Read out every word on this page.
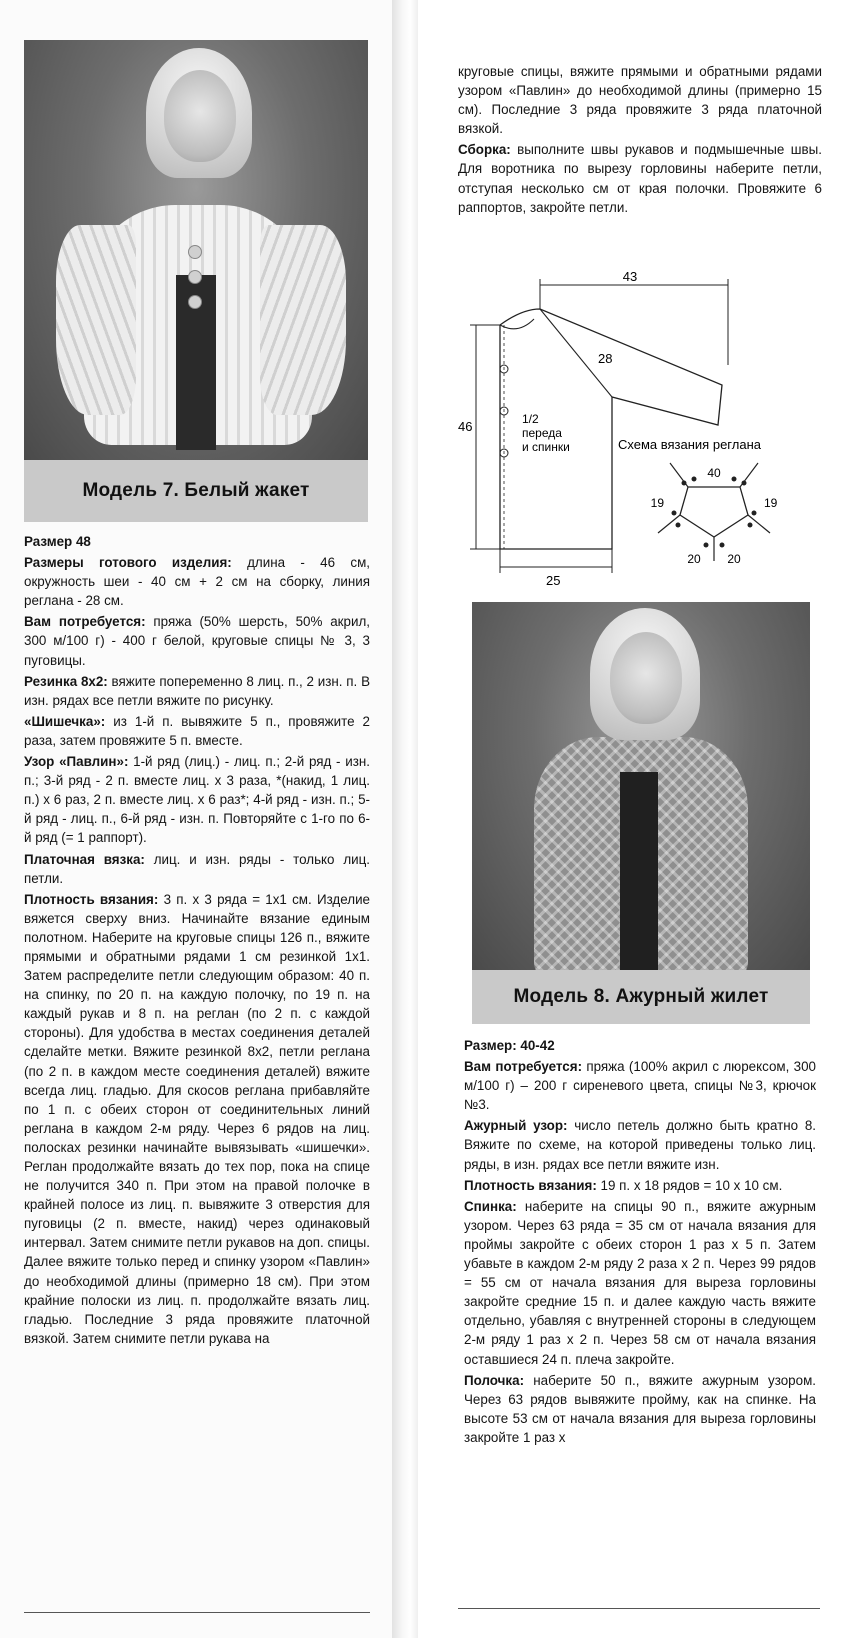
Модель 7. Белый жакет

Размер 48

Размеры готового изделия: длина - 46 см, окружность шеи - 40 см + 2 см на сборку, линия реглана - 28 см.

Вам потребуется: пряжа (50% шерсть, 50% акрил, 300 м/100 г) - 400 г белой, круговые спицы № 3, 3 пуговицы.

Резинка 8х2: вяжите попеременно 8 лиц. п., 2 изн. п. В изн. рядах все петли вяжите по рисунку.

«Шишечка»: из 1-й п. вывяжите 5 п., провяжите 2 раза, затем провяжите 5 п. вместе.

Узор «Павлин»: 1-й ряд (лиц.) - лиц. п.; 2-й ряд - изн. п.; 3-й ряд - 2 п. вместе лиц. х 3 раза, *(накид, 1 лиц. п.) х 6 раз, 2 п. вместе лиц. х 6 раз*; 4-й ряд - изн. п.; 5-й ряд - лиц. п., 6-й ряд - изн. п. Повторяйте с 1-го по 6-й ряд (= 1 раппорт).

Платочная вязка: лиц. и изн. ряды - только лиц. петли.

Плотность вязания: 3 п. х 3 ряда = 1х1 см. Изделие вяжется сверху вниз. Начинайте вязание единым полотном. Наберите на круговые спицы 126 п., вяжите прямыми и обратными рядами 1 см резинкой 1х1. Затем распределите петли следующим образом: 40 п. на спинку, по 20 п. на каждую полочку, по 19 п. на каждый рукав и 8 п. на реглан (по 2 п. с каждой стороны). Для удобства в местах соединения деталей сделайте метки. Вяжите резинкой 8х2, петли реглана (по 2 п. в каждом месте соединения деталей) вяжите всегда лиц. гладью. Для скосов реглана прибавляйте по 1 п. с обеих сторон от соединительных линий реглана в каждом 2-м ряду. Через 6 рядов на лиц. полосках резинки начинайте вывязывать «шишечки». Реглан продолжайте вязать до тех пор, пока на спице не получится 340 п. При этом на правой полочке в крайней полосе из лиц. п. вывяжите 3 отверстия для пуговицы (2 п. вместе, накид) через одинаковый интервал. Затем снимите петли рукавов на доп. спицы. Далее вяжите только перед и спинку узором «Павлин» до необходимой длины (примерно 18 см). При этом крайние полоски из лиц. п. продолжайте вязать лиц. гладью. Последние 3 ряда провяжите платочной вязкой. Затем снимите петли рукава на

круговые спицы, вяжите прямыми и обратными рядами узором «Павлин» до необходимой длины (примерно 15 см). Последние 3 ряда провяжите 3 ряда платочной вязкой.

Сборка: выполните швы рукавов и подмышечные швы. Для воротника по вырезу горловины наберите петли, отступая несколько см от края полочки. Провяжите 6 раппортов, закройте петли.

43
28
46
25
1/2
переда
и спинки	Схема вязания реглана
40
19	19
20 20
Модель 8. Ажурный жилет

Размер: 40-42

Вам потребуется: пряжа (100% акрил с люрексом, 300 м/100 г) – 200 г сиреневого цвета, спицы №3, крючок №3.

Ажурный узор: число петель должно быть кратно 8. Вяжите по схеме, на которой приведены только лиц. ряды, в изн. рядах все петли вяжите изн.

Плотность вязания: 19 п. х 18 рядов = 10 х 10 см.

Спинка: наберите на спицы 90 п., вяжите ажурным узором. Через 63 ряда = 35 см от начала вязания для проймы закройте с обеих сторон 1 раз х 5 п. Затем убавьте в каждом 2-м ряду 2 раза х 2 п. Через 99 рядов = 55 см от начала вязания для выреза горловины закройте средние 15 п. и далее каждую часть вяжите отдельно, убавляя с внутренней стороны в следующем 2-м ряду 1 раз х 2 п. Через 58 см от начала вязания оставшиеся 24 п. плеча закройте.

Полочка: наберите 50 п., вяжите ажурным узором. Через 63 рядов вывяжите пройму, как на спинке. На высоте 53 см от начала вязания для выреза горловины закройте 1 раз х
